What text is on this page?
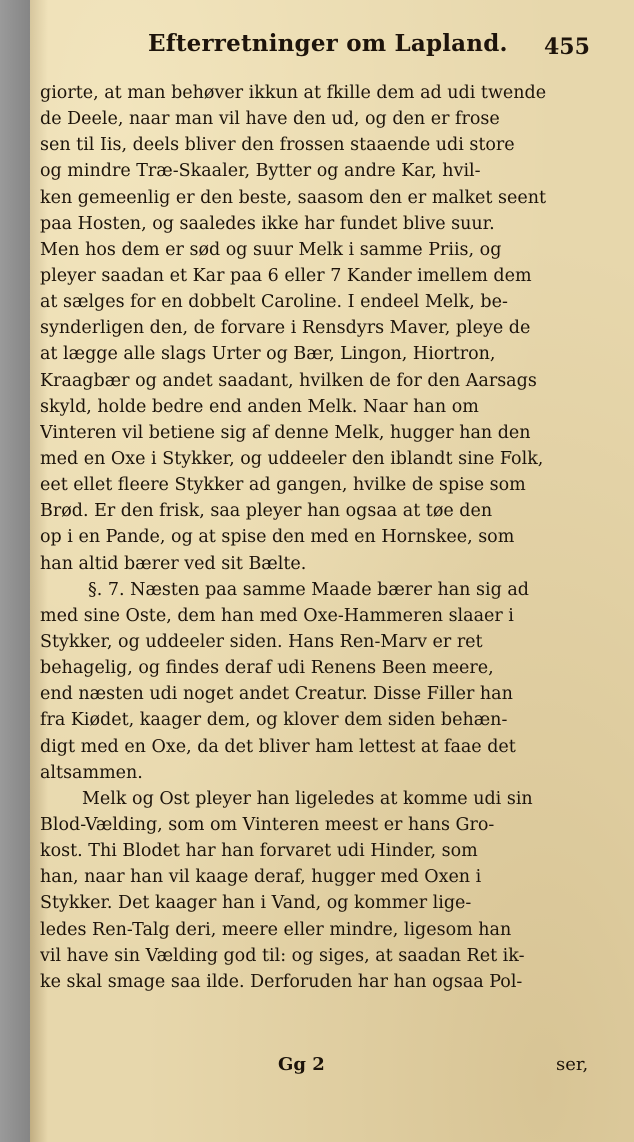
Efterretninger om Lapland. 455
giorte, at man behøver ikkun at fkille dem ad udi twende
de Deele, naar man vil have den ud, og den er frose
sen til Iis, deels bliver den frossen staaende udi store
og mindre Træ-Skaaler, Bytter og andre Kar, hvil-
ken gemeenlig er den beste, saasom den er malket seent
paa Hosten, og saaledes ikke har fundet blive suur.
Men hos dem er sød og suur Melk i samme Priis, og
pleyer saadan et Kar paa 6 eller 7 Kander imellem dem
at sælges for en dobbelt Caroline. I endeel Melk, be-
synderligen den, de forvare i Rensdyrs Maver, pleye de
at lægge alle slags Urter og Bær, Lingon, Hiortron,
Kraagbær og andet saadant, hvilken de for den Aarsags
skyld, holde bedre end anden Melk. Naar han om
Vinteren vil betiene sig af denne Melk, hugger han den
med en Oxe i Stykker, og uddeeler den iblandt sine Folk,
eet ellet fleere Stykker ad gangen, hvilke de spise som
Brød. Er den frisk, saa pleyer han ogsaa at tøe den
op i en Pande, og at spise den med en Hornskee, som
han altid bærer ved sit Bælte.
§. 7. Næsten paa samme Maade bærer han sig ad
med sine Oste, dem han med Oxe-Hammeren slaaer i
Stykker, og uddeeler siden. Hans Ren-Marv er ret
behagelig, og findes deraf udi Renens Been meere,
end næsten udi noget andet Creatur. Disse Filler han
fra Kiødet, kaager dem, og klover dem siden behæn-
digt med en Oxe, da det bliver ham lettest at faae det
altsammen.
Melk og Ost pleyer han ligeledes at komme udi sin
Blod-Vælding, som om Vinteren meest er hans Gro-
kost. Thi Blodet har han forvaret udi Hinder, som
han, naar han vil kaage deraf, hugger med Oxen i
Stykker. Det kaager han i Vand, og kommer lige-
ledes Ren-Talg deri, meere eller mindre, ligesom han
vil have sin Vælding god til: og siges, at saadan Ret ik-
ke skal smage saa ilde. Derforuden har han ogsaa Pol-
Gg 2	ser,
